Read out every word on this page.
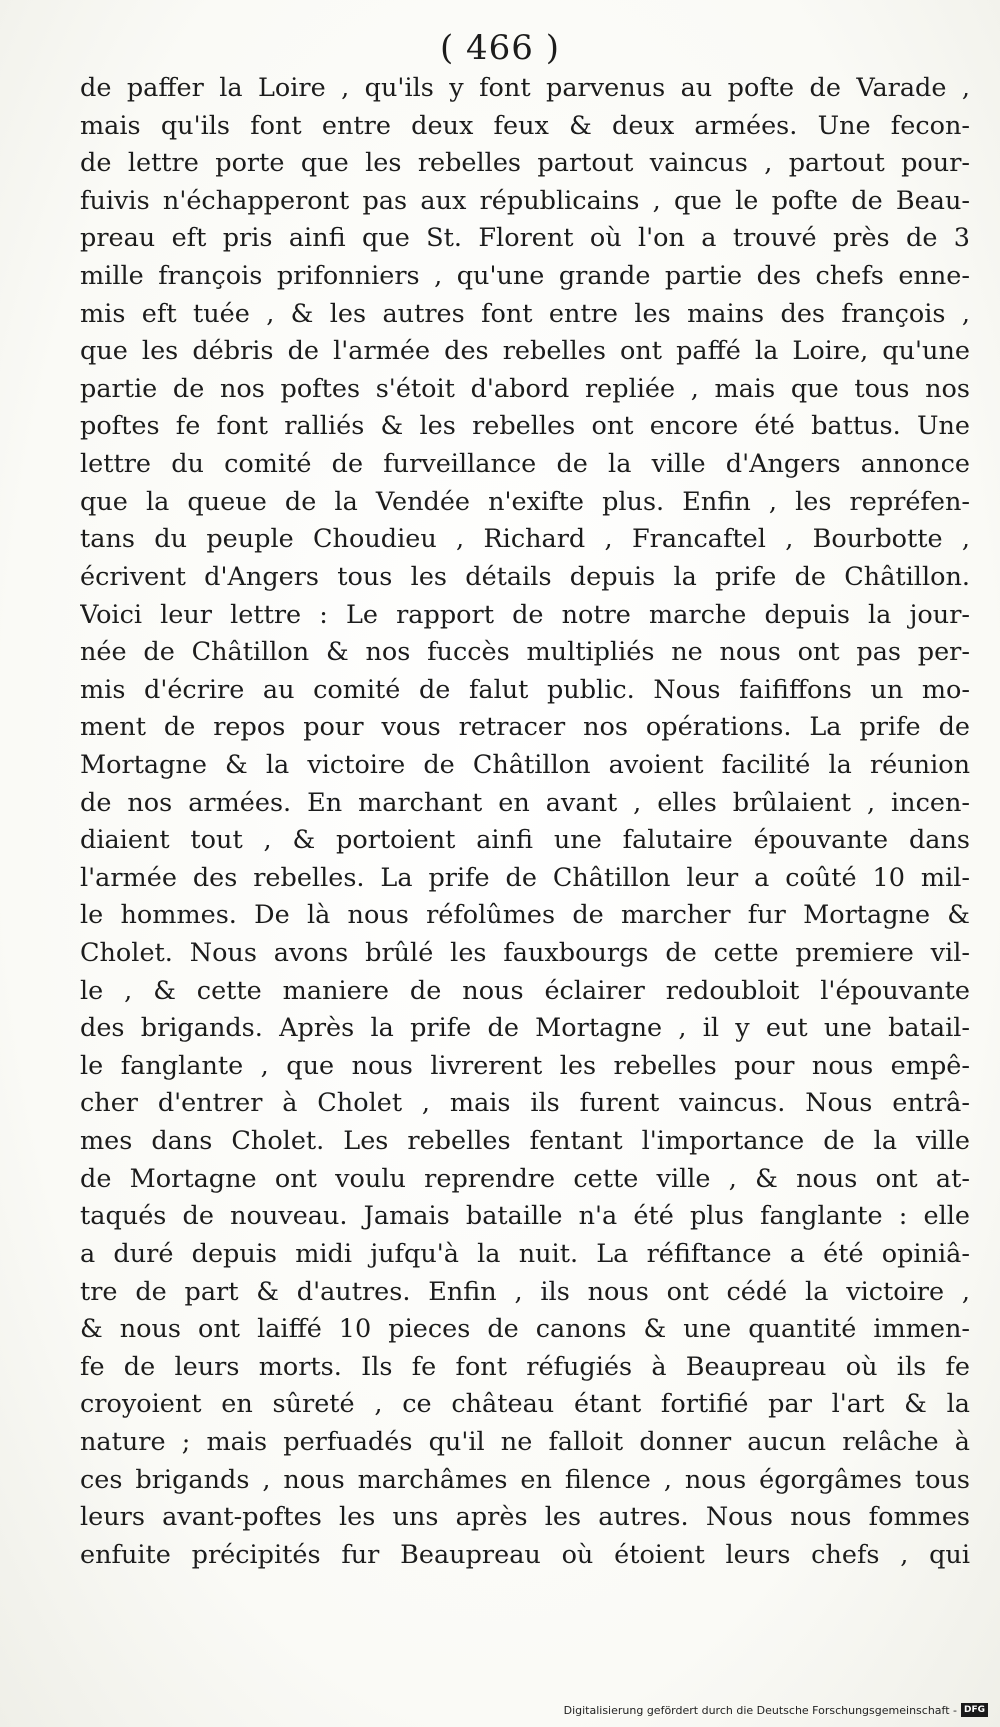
( 466 )
de paffer la Loire , qu'ils y font parvenus au pofte de Varade ,
mais qu'ils font entre deux feux & deux armées. Une fecon-
de lettre porte que les rebelles partout vaincus , partout pour-
fuivis n'échapperont pas aux républicains , que le pofte de Beau-
preau eft pris ainfi que St. Florent où l'on a trouvé près de 3
mille françois prifonniers , qu'une grande partie des chefs enne-
mis eft tuée , & les autres font entre les mains des françois ,
que les débris de l'armée des rebelles ont paffé la Loire, qu'une
partie de nos poftes s'étoit d'abord repliée , mais que tous nos
poftes fe font ralliés & les rebelles ont encore été battus. Une
lettre du comité de furveillance de la ville d'Angers annonce
que la queue de la Vendée n'exifte plus. Enfin , les repréfen-
tans du peuple Choudieu , Richard , Francaftel , Bourbotte ,
écrivent d'Angers tous les détails depuis la prife de Châtillon.
Voici leur lettre : Le rapport de notre marche depuis la jour-
née de Châtillon & nos fuccès multipliés ne nous ont pas per-
mis d'écrire au comité de falut public. Nous faififfons un mo-
ment de repos pour vous retracer nos opérations. La prife de
Mortagne & la victoire de Châtillon avoient facilité la réunion
de nos armées. En marchant en avant , elles brûlaient , incen-
diaient tout , & portoient ainfi une falutaire épouvante dans
l'armée des rebelles. La prife de Châtillon leur a coûté 10 mil-
le hommes. De là nous réfolûmes de marcher fur Mortagne &
Cholet. Nous avons brûlé les fauxbourgs de cette premiere vil-
le , & cette maniere de nous éclairer redoubloit l'épouvante
des brigands. Après la prife de Mortagne , il y eut une batail-
le fanglante , que nous livrerent les rebelles pour nous empê-
cher d'entrer à Cholet , mais ils furent vaincus. Nous entrâ-
mes dans Cholet. Les rebelles fentant l'importance de la ville
de Mortagne ont voulu reprendre cette ville , & nous ont at-
taqués de nouveau. Jamais bataille n'a été plus fanglante : elle
a duré depuis midi jufqu'à la nuit. La réfiftance a été opiniâ-
tre de part & d'autres. Enfin , ils nous ont cédé la victoire ,
& nous ont laiffé 10 pieces de canons & une quantité immen-
fe de leurs morts. Ils fe font réfugiés à Beaupreau où ils fe
croyoient en sûreté , ce château étant fortifié par l'art & la
nature ; mais perfuadés qu'il ne falloit donner aucun relâche à
ces brigands , nous marchâmes en filence , nous égorgâmes tous
leurs avant-poftes les uns après les autres. Nous nous fommes
enfuite précipités fur Beaupreau où étoient leurs chefs , qui
Digitalisierung gefördert durch die Deutsche Forschungsgemeinschaft - DFG
